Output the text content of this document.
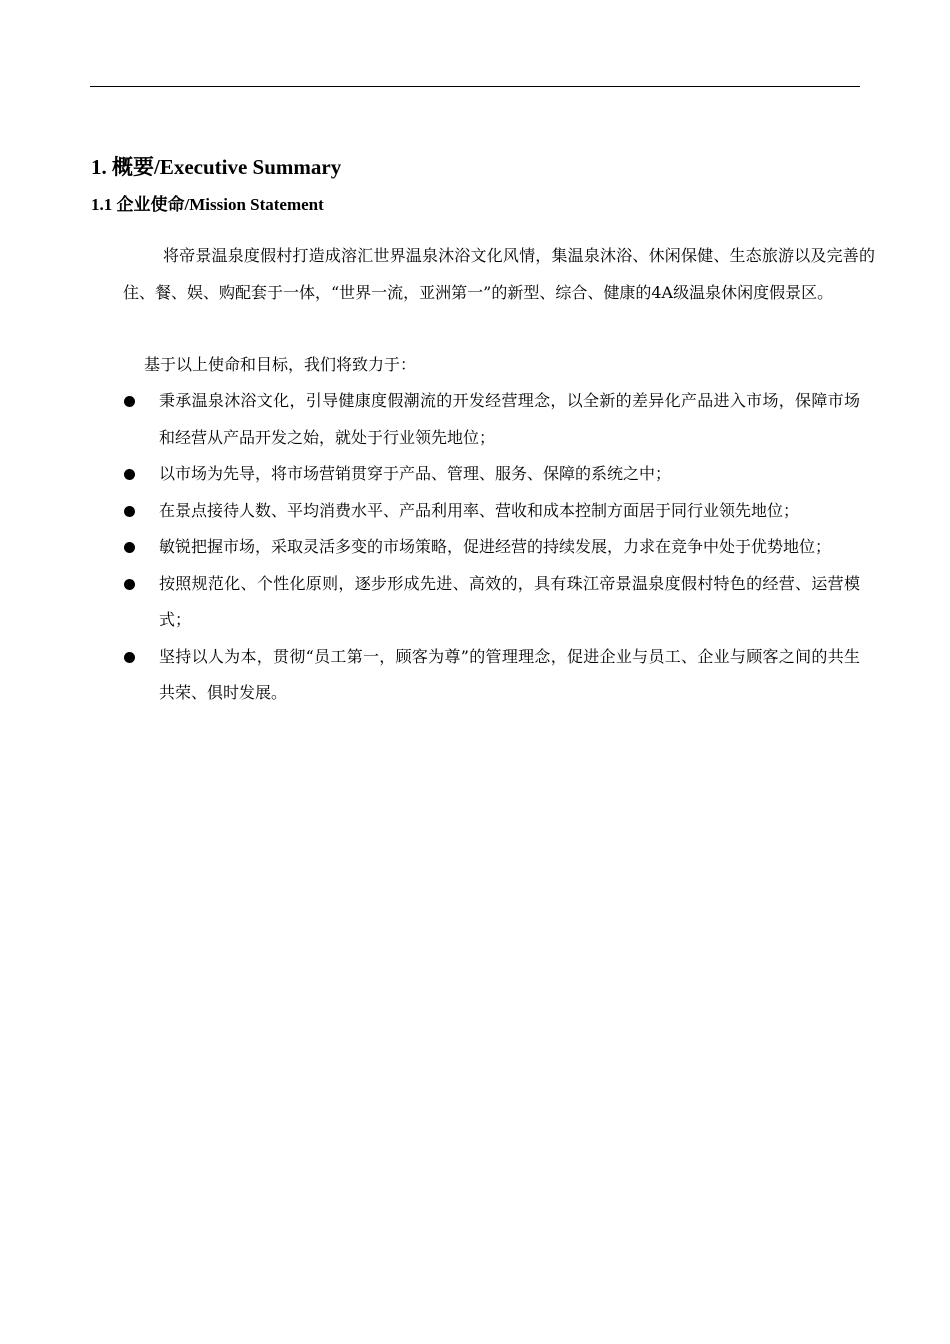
1. 概要/Executive Summary
1.1 企业使命/Mission Statement

将帝景温泉度假村打造成溶汇世界温泉沐浴文化风情，集温泉沐浴、休闲保健、生态旅游以及完善的住、餐、娱、购配套于一体，“世界一流，亚洲第一”的新型、综合、健康的4A级温泉休闲度假景区。

基于以上使命和目标，我们将致力于：

秉承温泉沐浴文化，引导健康度假潮流的开发经营理念，以全新的差异化产品进入市场，保障市场和经营从产品开发之始，就处于行业领先地位；
以市场为先导，将市场营销贯穿于产品、管理、服务、保障的系统之中；
在景点接待人数、平均消费水平、产品利用率、营收和成本控制方面居于同行业领先地位；
敏锐把握市场，采取灵活多变的市场策略，促进经营的持续发展，力求在竞争中处于优势地位；
按照规范化、个性化原则，逐步形成先进、高效的，具有珠江帝景温泉度假村特色的经营、运营模式；
坚持以人为本，贯彻“员工第一，顾客为尊”的管理理念，促进企业与员工、企业与顾客之间的共生共荣、俱时发展。
